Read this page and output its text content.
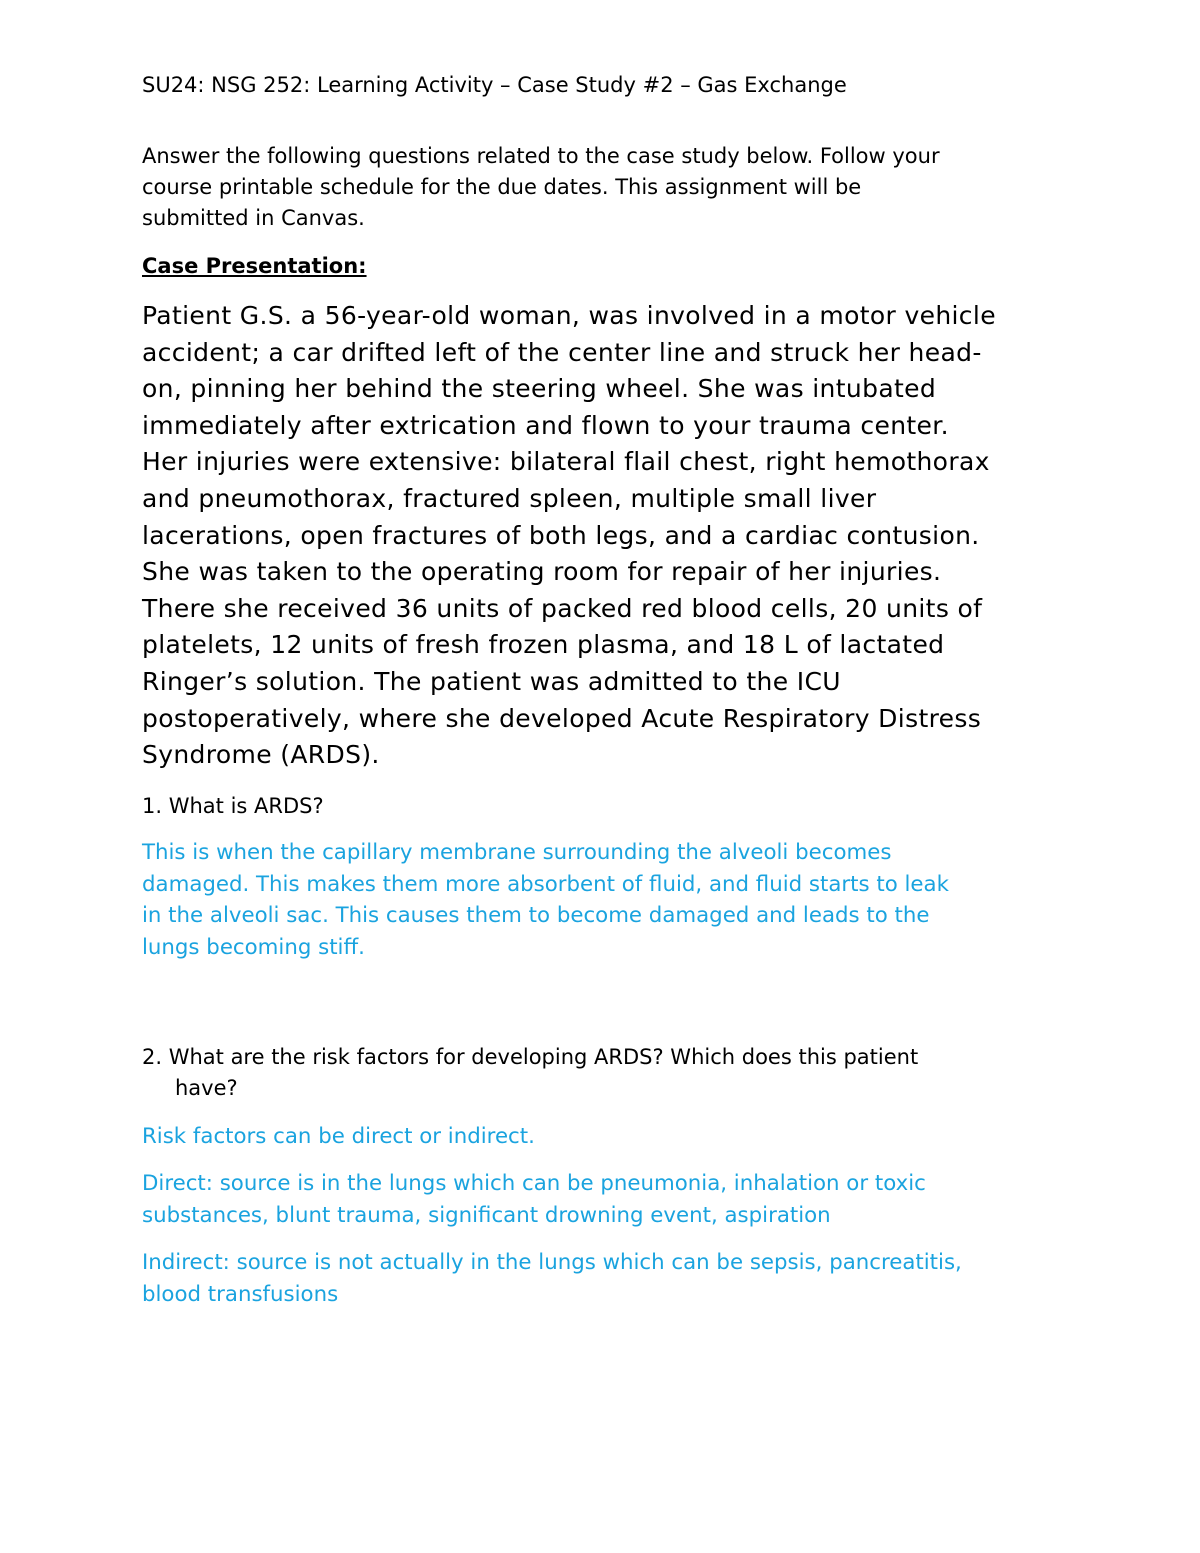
SU24: NSG 252: Learning Activity – Case Study #2 – Gas Exchange

Answer the following questions related to the case study below. Follow your
course printable schedule for the due dates. This assignment will be
submitted in Canvas.

Case Presentation:

Patient G.S. a 56-year-old woman, was involved in a motor vehicle
accident; a car drifted left of the center line and struck her head-
on, pinning her behind the steering wheel. She was intubated
immediately after extrication and flown to your trauma center.
Her injuries were extensive: bilateral flail chest, right hemothorax
and pneumothorax, fractured spleen, multiple small liver
lacerations, open fractures of both legs, and a cardiac contusion.
She was taken to the operating room for repair of her injuries.
There she received 36 units of packed red blood cells, 20 units of
platelets, 12 units of fresh frozen plasma, and 18 L of lactated
Ringer’s solution. The patient was admitted to the ICU
postoperatively, where she developed Acute Respiratory Distress
Syndrome (ARDS).

1. What is ARDS?

This is when the capillary membrane surrounding the alveoli becomes
damaged. This makes them more absorbent of fluid, and fluid starts to leak
in the alveoli sac. This causes them to become damaged and leads to the
lungs becoming stiff.

2. What are the risk factors for developing ARDS? Which does this patient
have?

Risk factors can be direct or indirect.

Direct: source is in the lungs which can be pneumonia, inhalation or toxic
substances, blunt trauma, significant drowning event, aspiration

Indirect: source is not actually in the lungs which can be sepsis, pancreatitis,
blood transfusions
